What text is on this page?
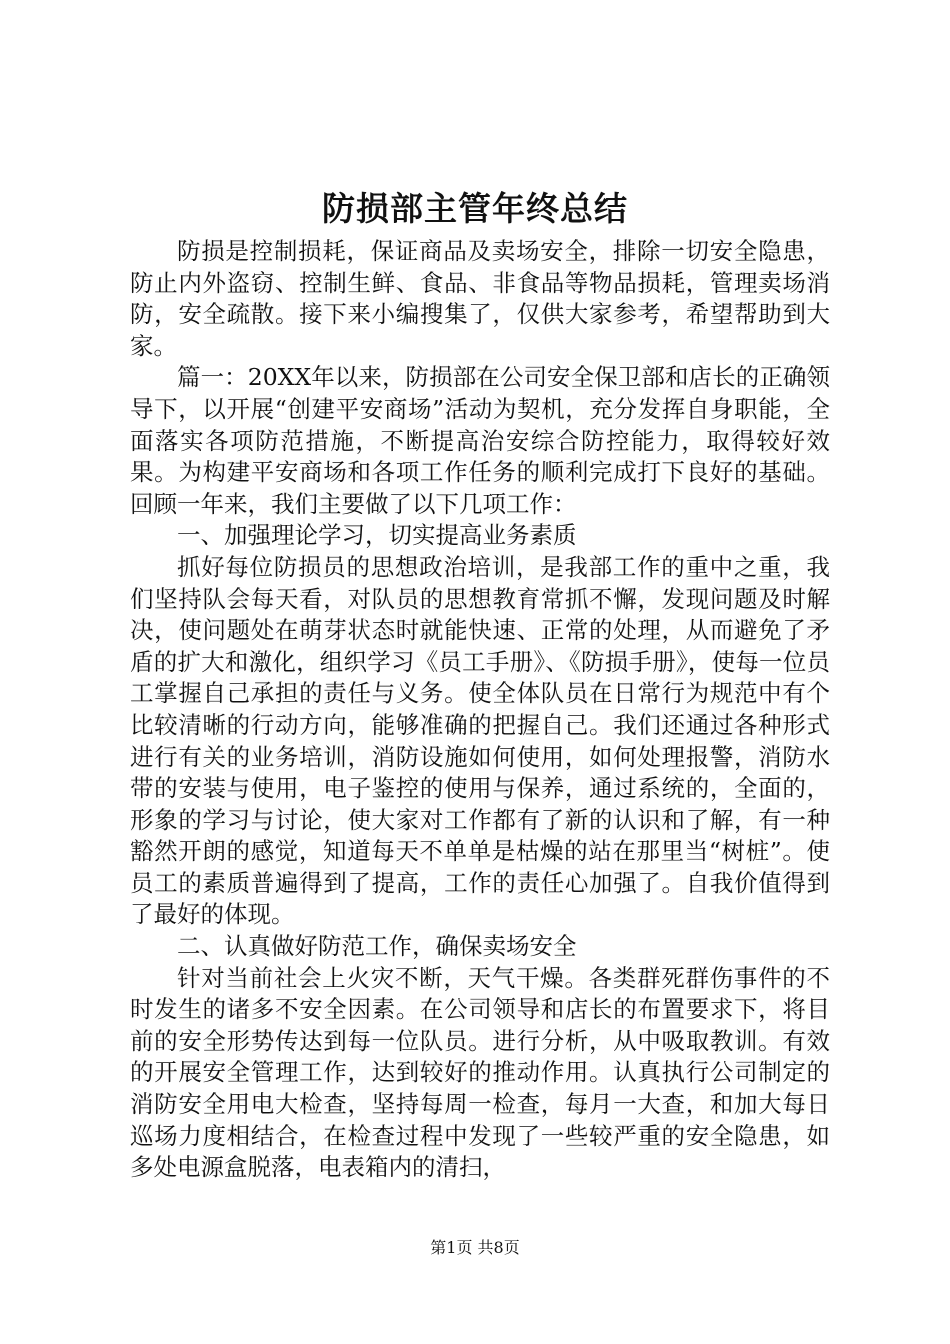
防损部主管年终总结

防损是控制损耗，保证商品及卖场安全，排除一切安全隐患，防止内外盗窃、控制生鲜、食品、非食品等物品损耗，管理卖场消防，安全疏散。接下来小编搜集了，仅供大家参考，希望帮助到大家。

篇一：20XX年以来，防损部在公司安全保卫部和店长的正确领导下，以开展“创建平安商场”活动为契机，充分发挥自身职能，全面落实各项防范措施，不断提高治安综合防控能力，取得较好效果。为构建平安商场和各项工作任务的顺利完成打下良好的基础。回顾一年来，我们主要做了以下几项工作：

一、加强理论学习，切实提高业务素质

抓好每位防损员的思想政治培训，是我部工作的重中之重，我们坚持队会每天看，对队员的思想教育常抓不懈，发现问题及时解决，使问题处在萌芽状态时就能快速、正常的处理，从而避免了矛盾的扩大和激化，组织学习《员工手册》、《防损手册》，使每一位员工掌握自己承担的责任与义务。使全体队员在日常行为规范中有个比较清晰的行动方向，能够准确的把握自己。我们还通过各种形式进行有关的业务培训，消防设施如何使用，如何处理报警，消防水带的安装与使用，电子鉴控的使用与保养，通过系统的，全面的，形象的学习与讨论，使大家对工作都有了新的认识和了解，有一种豁然开朗的感觉，知道每天不单单是枯燥的站在那里当“树桩”。使员工的素质普遍得到了提高，工作的责任心加强了。自我价值得到了最好的体现。

二、认真做好防范工作，确保卖场安全

针对当前社会上火灾不断，天气干燥。各类群死群伤事件的不时发生的诸多不安全因素。在公司领导和店长的布置要求下，将目前的安全形势传达到每一位队员。进行分析，从中吸取教训。有效的开展安全管理工作，达到较好的推动作用。认真执行公司制定的消防安全用电大检查，坚持每周一检查，每月一大查，和加大每日巡场力度相结合，在检查过程中发现了一些较严重的安全隐患，如多处电源盒脱落，电表箱内的清扫，

第1页 共8页
